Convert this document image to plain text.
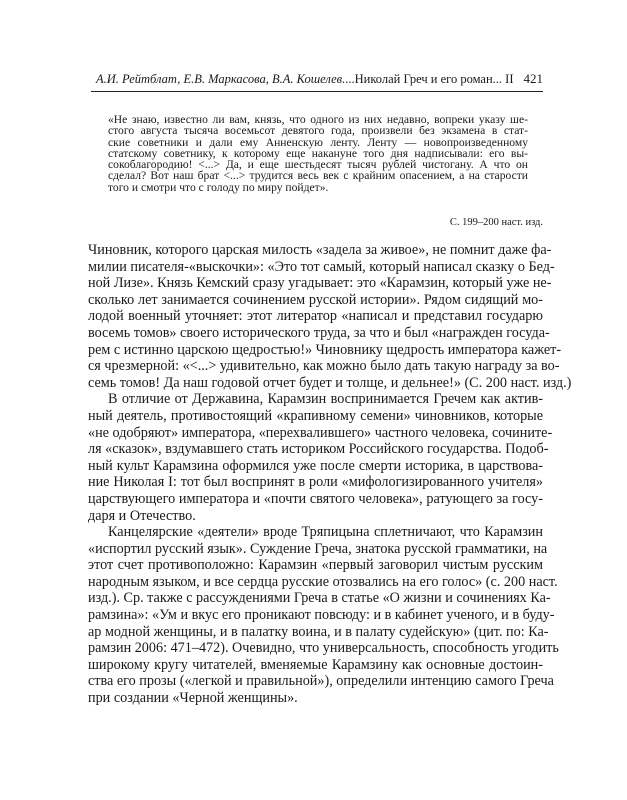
А.И. Рейтблат, Е.В. Маркасова, В.А. Кошелев. ...Николай Греч и его роман... II 421
«Не знаю, известно ли вам, князь, что одного из них недавно, вопреки указу ше-
стого августа тысяча восемьсот девятого года, произвели без экзамена в стат-
ские советники и дали ему Анненскую ленту. Ленту — новопроизведенному
статскому советнику, к которому еще накануне того дня надписывали: его вы-
сокоблагородию! <...> Да, и еще шестьдесят тысяч рублей чистогану. А что он
сделал? Вот наш брат <...> трудится весь век с крайним опасением, а на старости
того и смотри что с голоду по миру пойдет».
С. 199–200 наст. изд.
Чиновник, которого царская милость «задела за живое», не помнит даже фа-
милии писателя-«выскочки»: «Это тот самый, который написал сказку о Бед-
ной Лизе». Князь Кемский сразу угадывает: это «Карамзин, который уже не-
сколько лет занимается сочинением русской истории». Рядом сидящий мо-
лодой военный уточняет: этот литератор «написал и представил государю
восемь томов» своего исторического труда, за что и был «награжден госуда-
рем с истинно царскою щедростью!» Чиновнику щедрость императора кажет-
ся чрезмерной: «<...> удивительно, как можно было дать такую награду за во-
семь томов! Да наш годовой отчет будет и толще, и дельнее!» (С. 200 наст. изд.)
В отличие от Державина, Карамзин воспринимается Гречем как актив-
ный деятель, противостоящий «крапивному семени» чиновников, которые
«не одобряют» императора, «перехвалившего» частного человека, сочините-
ля «сказок», вздумавшего стать историком Российского государства. Подоб-
ный культ Карамзина оформился уже после смерти историка, в царствова-
ние Николая I: тот был воспринят в роли «мифологизированного учителя»
царствующего императора и «почти святого человека», ратующего за госу-
даря и Отечество.
Канцелярские «деятели» вроде Тряпицына сплетничают, что Карамзин
«испортил русский язык». Суждение Греча, знатока русской грамматики, на
этот счет противоположно: Карамзин «первый заговорил чистым русским
народным языком, и все сердца русские отозвались на его голос» (с. 200 наст.
изд.). Ср. также с рассуждениями Греча в статье «О жизни и сочинениях Ка-
рамзина»: «Ум и вкус его проникают повсюду: и в кабинет ученого, и в буду-
ар модной женщины, и в палатку воина, и в палату судейскую» (цит. по: Ка-
рамзин 2006: 471–472). Очевидно, что универсальность, способность угодить
широкому кругу читателей, вменяемые Карамзину как основные достоин-
ства его прозы («легкой и правильной»), определили интенцию самого Греча
при создании «Черной женщины».
